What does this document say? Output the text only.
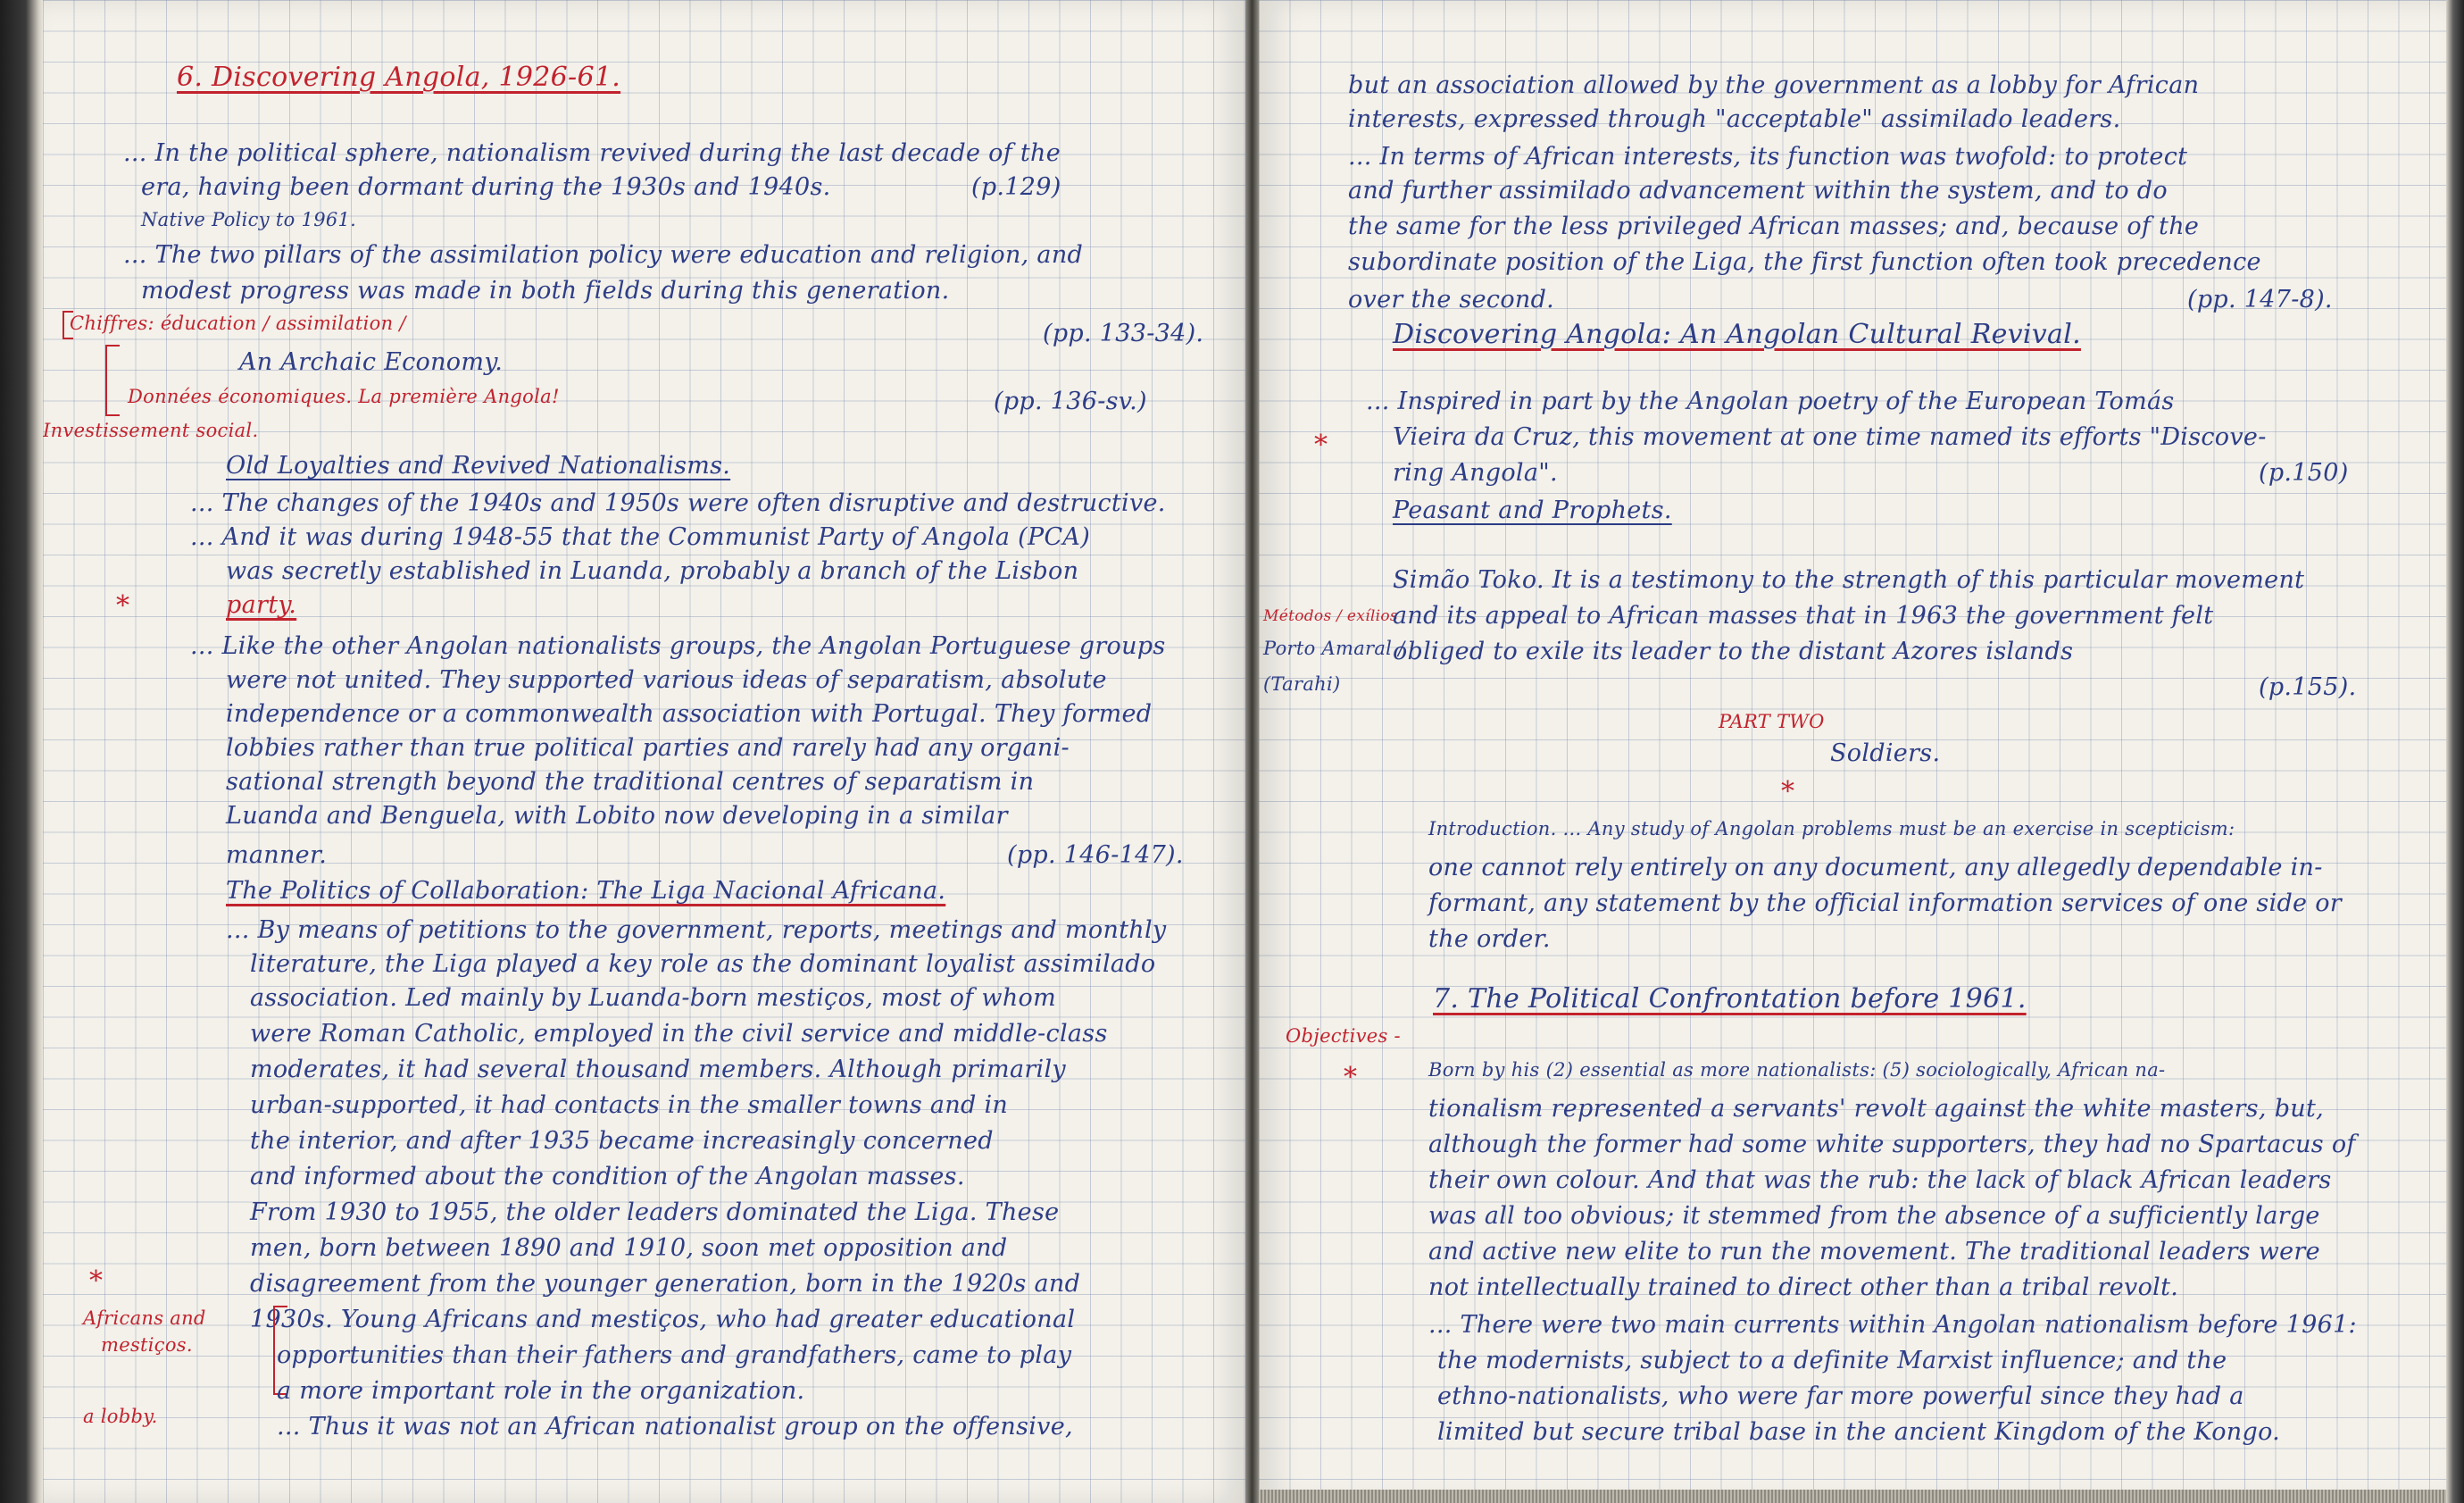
6. Discovering Angola, 1926-61.
... In the political sphere, nationalism revived during the last decade of the
era, having been dormant during the 1930s and 1940s.	(p.129)
Native Policy to 1961.
... The two pillars of the assimilation policy were education and religion, and
modest progress was made in both fields during this generation.
Chiffres: éducation / assimilation /	(pp. 133-34).
An Archaic Economy.
Données économiques. La première Angola!	(pp. 136-sv.)
Investissement social.
Old Loyalties and Revived Nationalisms.
... The changes of the 1940s and 1950s were often disruptive and destructive.
... And it was during 1948-55 that the Communist Party of Angola (PCA)
was secretly established in Luanda, probably a branch of the Lisbon
party.
*
... Like the other Angolan nationalists groups, the Angolan Portuguese groups
were not united. They supported various ideas of separatism, absolute
independence or a commonwealth association with Portugal. They formed
lobbies rather than true political parties and rarely had any organi-
sational strength beyond the traditional centres of separatism in
Luanda and Benguela, with Lobito now developing in a similar
manner.	(pp. 146-147).
The Politics of Collaboration: The Liga Nacional Africana.
... By means of petitions to the government, reports, meetings and monthly
literature, the Liga played a key role as the dominant loyalist assimilado
association. Led mainly by Luanda-born mestiços, most of whom
were Roman Catholic, employed in the civil service and middle-class
moderates, it had several thousand members. Although primarily
urban-supported, it had contacts in the smaller towns and in
the interior, and after 1935 became increasingly concerned
and informed about the condition of the Angolan masses.
From 1930 to 1955, the older leaders dominated the Liga. These
men, born between 1890 and 1910, soon met opposition and
disagreement from the younger generation, born in the 1920s and
*
1930s. Young Africans and mestiços, who had greater educational
Africans and
mestiços.	opportunities than their fathers and grandfathers, came to play
a more important role in the organization.
a lobby.	... Thus it was not an African nationalist group on the offensive,
but an association allowed by the government as a lobby for African
interests, expressed through "acceptable" assimilado leaders.
... In terms of African interests, its function was twofold: to protect
and further assimilado advancement within the system, and to do
the same for the less privileged African masses; and, because of the
subordinate position of the Liga, the first function often took precedence
over the second.	(pp. 147-8).
Discovering Angola: An Angolan Cultural Revival.
... Inspired in part by the Angolan poetry of the European Tomás
Vieira da Cruz, this movement at one time named its efforts "Discove-
*
ring Angola".	(p.150)
Peasant and Prophets.
Simão Toko. It is a testimony to the strength of this particular movement
Métodos / exílios
and its appeal to African masses that in 1963 the government felt
Porto Amaral /
obliged to exile its leader to the distant Azores islands
(Tarahi)	(p.155).
PART TWO
Soldiers.
*
Introduction. ... Any study of Angolan problems must be an exercise in scepticism:
one cannot rely entirely on any document, any allegedly dependable in-
formant, any statement by the official information services of one side or
the order.
7. The Political Confrontation before 1961.
Objectives -
*	Born by his (2) essential as more nationalists: (5) sociologically, African na-
tionalism represented a servants' revolt against the white masters, but,
although the former had some white supporters, they had no Spartacus of
their own colour. And that was the rub: the lack of black African leaders
was all too obvious; it stemmed from the absence of a sufficiently large
and active new elite to run the movement. The traditional leaders were
not intellectually trained to direct other than a tribal revolt.
... There were two main currents within Angolan nationalism before 1961:
the modernists, subject to a definite Marxist influence; and the
ethno-nationalists, who were far more powerful since they had a
limited but secure tribal base in the ancient Kingdom of the Kongo.
